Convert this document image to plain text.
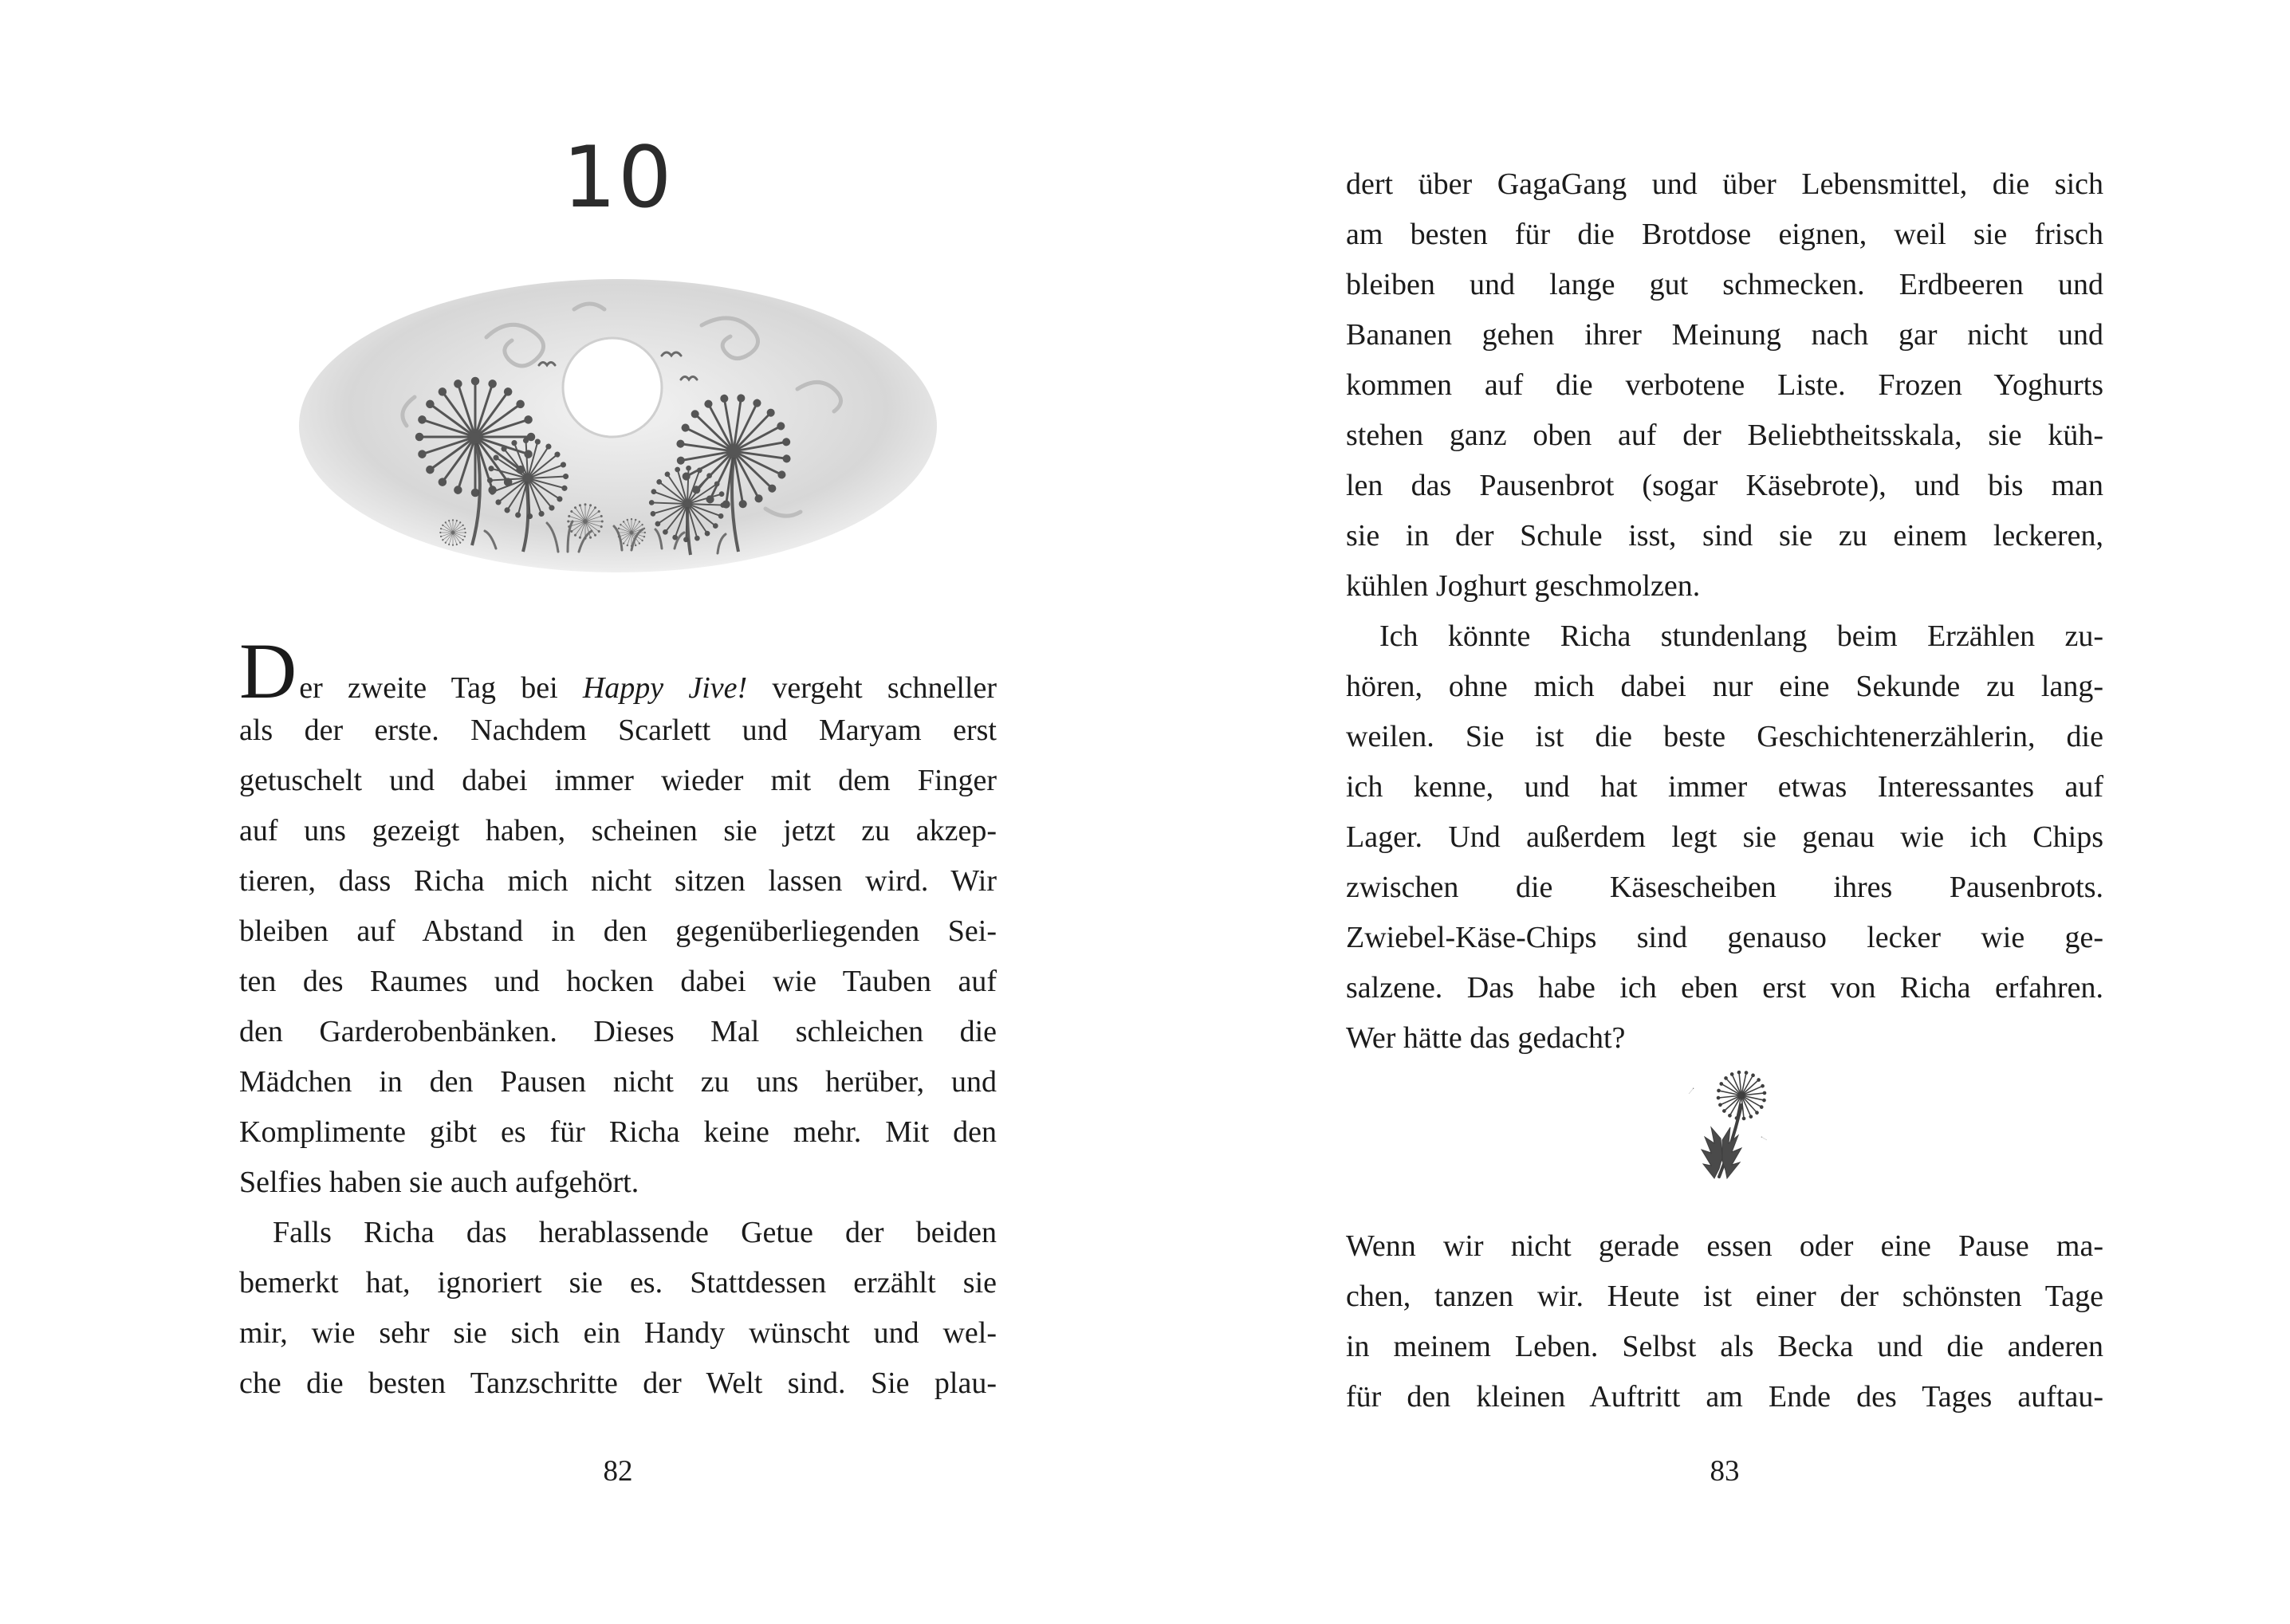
10
Der zweite Tag bei Happy Jive! vergeht schneller
als der erste. Nachdem Scarlett und Maryam erst
getuschelt und dabei immer wieder mit dem Finger
auf uns gezeigt haben, scheinen sie jetzt zu akzep-
tieren, dass Richa mich nicht sitzen lassen wird. Wir
bleiben auf Abstand in den gegenüberliegenden Sei-
ten des Raumes und hocken dabei wie Tauben auf
den Garderobenbänken. Dieses Mal schleichen die
Mädchen in den Pausen nicht zu uns herüber, und
Komplimente gibt es für Richa keine mehr. Mit den
Selfies haben sie auch aufgehört.
Falls Richa das herablassende Getue der beiden
bemerkt hat, ignoriert sie es. Stattdessen erzählt sie
mir, wie sehr sie sich ein Handy wünscht und wel-
che die besten Tanzschritte der Welt sind. Sie plau-
82
dert über GagaGang und über Lebensmittel, die sich
am besten für die Brotdose eignen, weil sie frisch
bleiben und lange gut schmecken. Erdbeeren und
Bananen gehen ihrer Meinung nach gar nicht und
kommen auf die verbotene Liste. Frozen Yoghurts
stehen ganz oben auf der Beliebtheitsskala, sie küh-
len das Pausenbrot (sogar Käsebrote), und bis man
sie in der Schule isst, sind sie zu einem leckeren,
kühlen Joghurt geschmolzen.
Ich könnte Richa stundenlang beim Erzählen zu-
hören, ohne mich dabei nur eine Sekunde zu lang-
weilen. Sie ist die beste Geschichtenerzählerin, die
ich kenne, und hat immer etwas Interessantes auf
Lager. Und außerdem legt sie genau wie ich Chips
zwischen die Käsescheiben ihres Pausenbrots.
Zwiebel-Käse-Chips sind genauso lecker wie ge-
salzene. Das habe ich eben erst von Richa erfahren.
Wer hätte das gedacht?
Wenn wir nicht gerade essen oder eine Pause ma-
chen, tanzen wir. Heute ist einer der schönsten Tage
in meinem Leben. Selbst als Becka und die anderen
für den kleinen Auftritt am Ende des Tages auftau-
83
